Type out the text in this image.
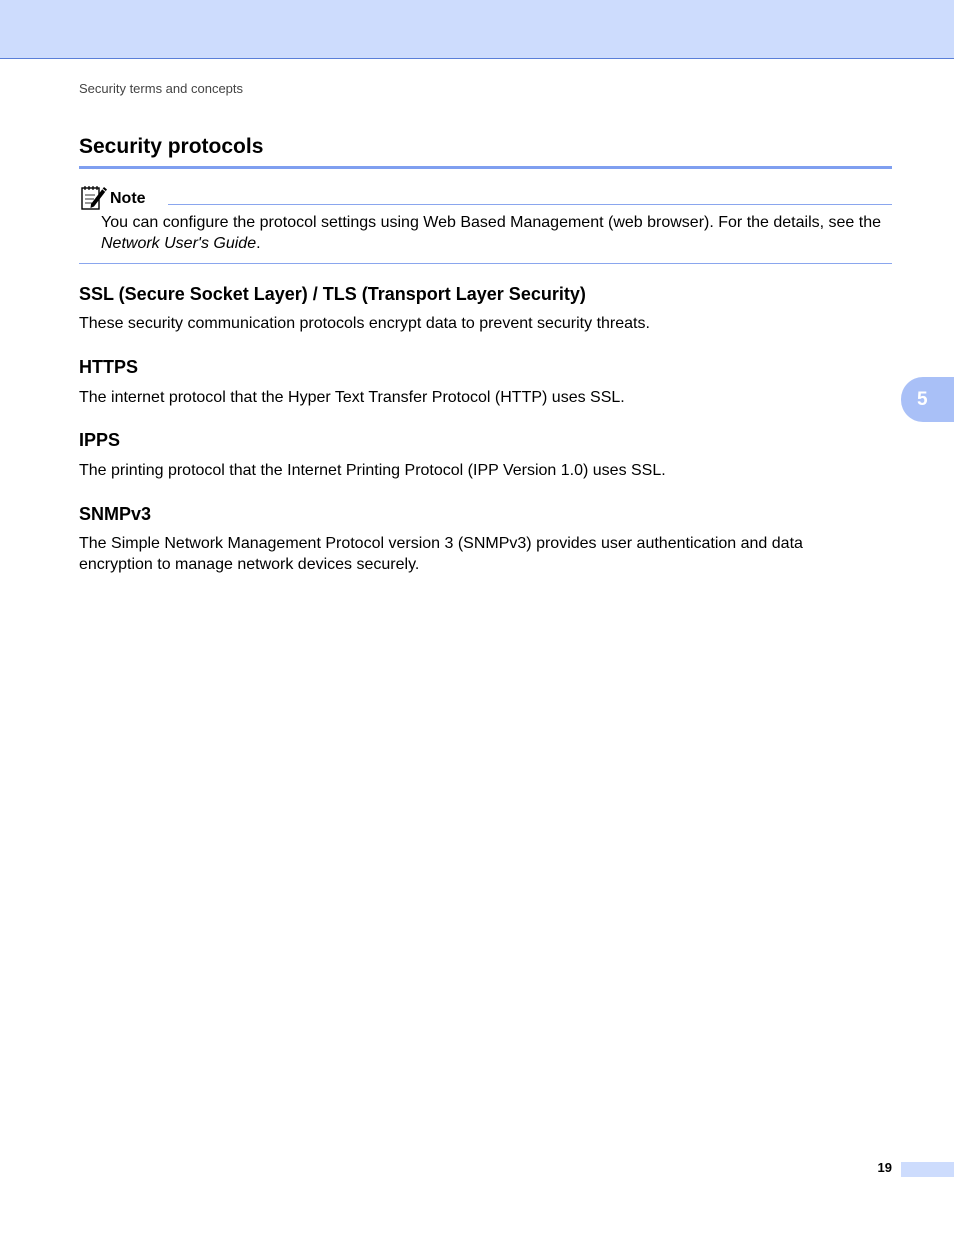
Security terms and concepts
Security protocols
Note

You can configure the protocol settings using Web Based Management (web browser). For the details, see the Network User's Guide.

SSL (Secure Socket Layer) / TLS (Transport Layer Security)

These security communication protocols encrypt data to prevent security threats.

HTTPS

The internet protocol that the Hyper Text Transfer Protocol (HTTP) uses SSL.

IPPS

The printing protocol that the Internet Printing Protocol (IPP Version 1.0) uses SSL.

SNMPv3

The Simple Network Management Protocol version 3 (SNMPv3) provides user authentication and data encryption to manage network devices securely.

5
19
